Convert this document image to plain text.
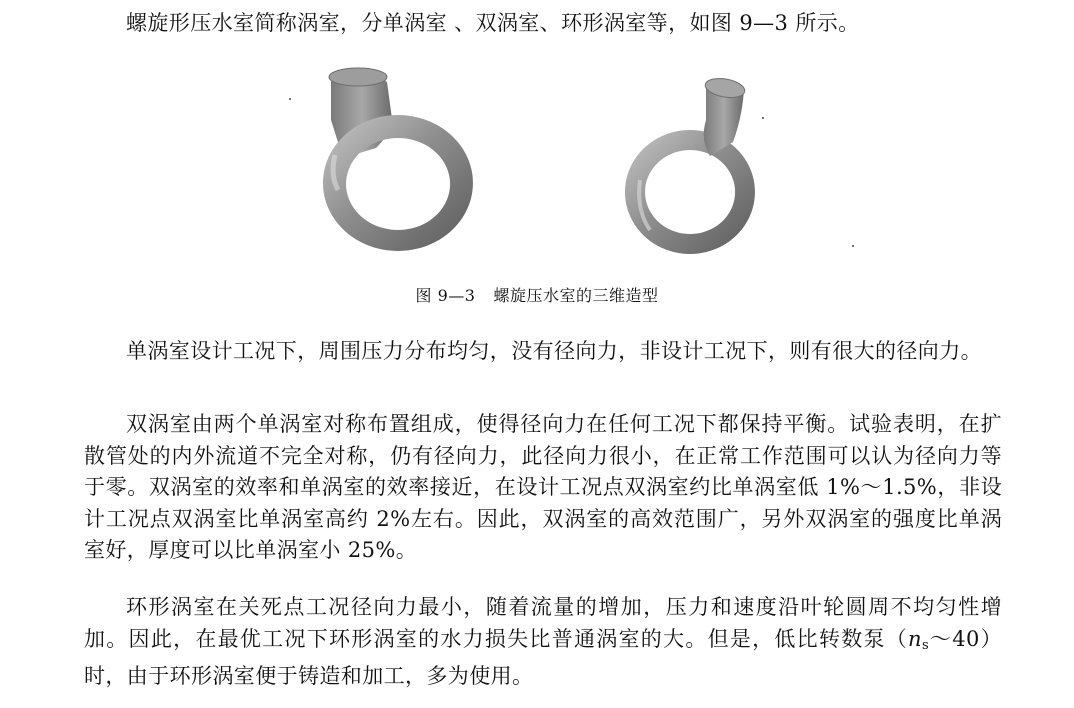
螺旋形压水室简称涡室，分单涡室 、双涡室、环形涡室等，如图 9—3 所示。

图 9—3 螺旋压水室的三维造型

单涡室设计工况下，周围压力分布均匀，没有径向力，非设计工况下，则有很大的径向力。

双涡室由两个单涡室对称布置组成，使得径向力在任何工况下都保持平衡。试验表明，在扩散管处的内外流道不完全对称，仍有径向力，此径向力很小，在正常工作范围可以认为径向力等于零。双涡室的效率和单涡室的效率接近，在设计工况点双涡室约比单涡室低 1%～1.5%，非设计工况点双涡室比单涡室高约 2%左右。因此，双涡室的高效范围广，另外双涡室的强度比单涡室好，厚度可以比单涡室小 25%。

环形涡室在关死点工况径向力最小，随着流量的增加，压力和速度沿叶轮圆周不均匀性增加。因此，在最优工况下环形涡室的水力损失比普通涡室的大。但是，低比转数泵$(n_s\sim 40)$时，由于环形涡室便于铸造和加工，多为使用。
